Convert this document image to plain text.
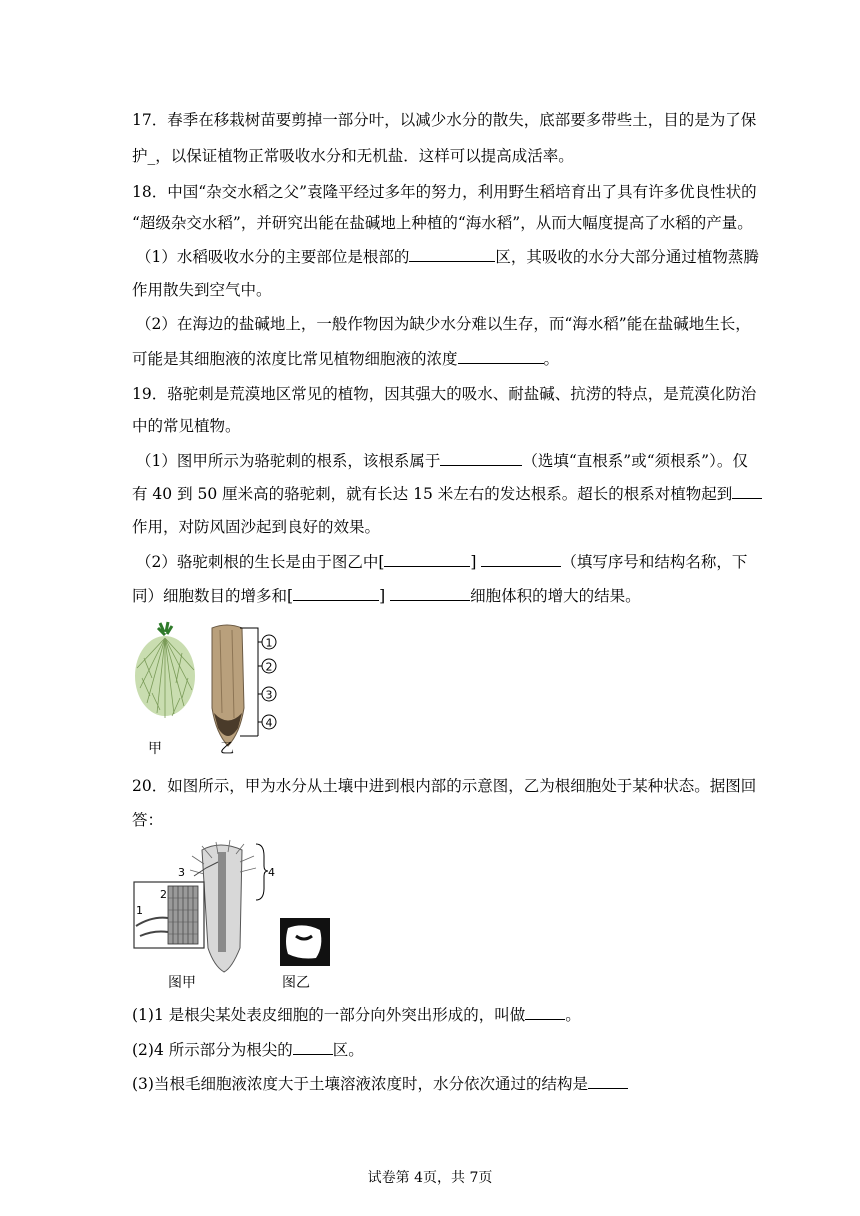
17．春季在移栽树苗要剪掉一部分叶，以减少水分的散失，底部要多带些土，目的是为了保
护_，以保证植物正常吸收水分和无机盐．这样可以提高成活率。
18．中国“杂交水稻之父”袁隆平经过多年的努力，利用野生稻培育出了具有许多优良性状的
“超级杂交水稻”，并研究出能在盐碱地上种植的“海水稻”，从而大幅度提高了水稻的产量。
（1）水稻吸收水分的主要部位是根部的	区，其吸收的水分大部分通过植物蒸腾
作用散失到空气中。
（2）在海边的盐碱地上，一般作物因为缺少水分难以生存，而“海水稻”能在盐碱地生长，
可能是其细胞液的浓度比常见植物细胞液的浓度	。
19．骆驼刺是荒漠地区常见的植物，因其强大的吸水、耐盐碱、抗涝的特点，是荒漠化防治
中的常见植物。
（1）图甲所示为骆驼刺的根系，该根系属于	（选填“直根系”或“须根系”）。仅
有 40 到 50 厘米高的骆驼刺，就有长达 15 米左右的发达根系。超长的根系对植物起到
作用，对防风固沙起到良好的效果。
（2）骆驼刺根的生长是由于图乙中[	]	（填写序号和结构名称，下
同）细胞数目的增多和[	]	细胞体积的增大的结果。
1
2
3
4
甲	乙
20．如图所示，甲为水分从土壤中进到根内部的示意图，乙为根细胞处于某种状态。据图回
答：
1
2
3	4
图甲	图乙
(1)1 是根尖某处表皮细胞的一部分向外突出形成的，叫做	。
(2)4 所示部分为根尖的	区。
(3)当根毛细胞液浓度大于土壤溶液浓度时，水分依次通过的结构是
试卷第 4页，共 7页
